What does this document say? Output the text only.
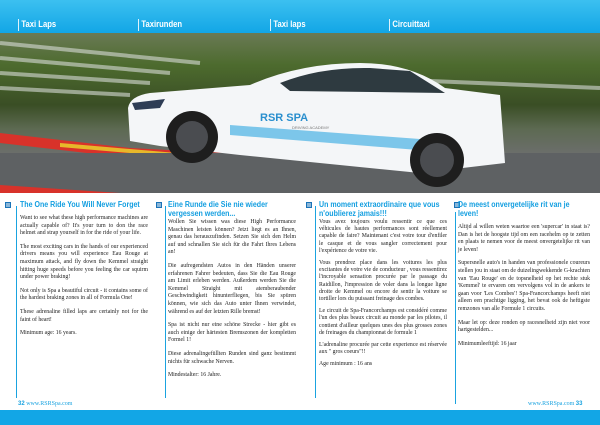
Taxi Laps	Taxirunden	Taxi laps	Circuittaxi
RSR SPA
DRIVING ACADEMY
The One Ride You Will Never Forget
Want to see what these high performance machines are actually capable of? It's your turn to don the race helmet and strap yourself in for the ride of your life.
The most exciting cars in the hands of our experienced drivers means you will experience Eau Rouge at maximum attack, and fly down the Kemmel straight hitting huge speeds before you feeling the car squirm under power braking!
Not only is Spa a beautiful circuit - it contains some of the hardest braking zones in all of Formula One!
These adrenaline filled laps are certainly not for the faint of heart!
Minimum age: 16 years.
Eine Runde die Sie nie wieder vergessen werden...
Wollen Sie wissen was diese High Performance Maschinen leisten können? Jetzt liegt es an Ihnen, genau das herauszufinden. Setzen Sie sich den Helm auf und schnallen Sie sich für die Fahrt Ihres Lebens an!
Die aufregendsten Autos in den Händen unserer erfahrenen Fahrer bedeuten, dass Sie die Eau Rouge am Limit erleben werden. Außerdem werden Sie die Kemmel Straight mit atemberaubender Geschwindigkeit hinunterfliegen, bis Sie spüren können, wie sich das Auto unter Ihnen verwindet, während es auf der letzten Rille bremst!
Spa ist nicht nur eine schöne Strecke - hier gibt es auch einige der härtesten Bremszonen der kompletten Formel 1!
Diese adrenalingefüllten Runden sind ganz bestimmt nichts für schwache Nerven.
Mindestalter: 16 Jahre.
Un moment extraordinaire que vous n'oublierez jamais!!!
Vous avez toujours voulu ressentir ce que ces véhicules de hautes performances sont réellement capable de faire? Maintenant c'est votre tour d'enfiler le casque et de vous sangler correctement pour l'expérience de votre vie.
Vous prendrez place dans les voitures les plus excitantes de votre vie de conducteur , vous ressentirez l'incroyable sensation procurée par le passage du Raidillon, l'impression de voler dans la longue ligne droite de Kemmel ou encore de sentir la voiture se tortiller lors du puissant freinage des combes.
Le circuit de Spa-Francorchamps est considéré comme l'un des plus beaux circuit au monde par les pilotes, il contient d'ailleur quelques unes des plus grosses zones de freinages du championnat de formule 1
L'adrenaline procurée par cette experience est réservée aux " gros coeurs"!!
Age minimum : 16 ans
De meest onvergetelijke rit van je leven!
Altijd al willen weten waartoe een 'supercar' in staat is? Dan is het de hoogste tijd om een racehelm op te zetten en plaats te nemen voor de meest onvergetelijke rit van je leven!
Supersnelle auto's in handen van professionele coureurs stellen jou in staat om de duizelingwekkende G-krachten van 'Eau Rouge' en de topsnelheid op het rechte stuk 'Kemmel' te ervaren om vervolgens vol in de ankers te gaan voor 'Les Combes'! Spa-Francorchamps heeft niet alleen een prachtige ligging, het bevat ook de heftigste remzones van alle Formule 1 circuits.
Maar let op: deze ronden op racesnelheid zijn niet voor hartgestelden...
Minimumleeftijd: 16 jaar
32 www.RSRSpa.com	www.RSRSpa.com 33
